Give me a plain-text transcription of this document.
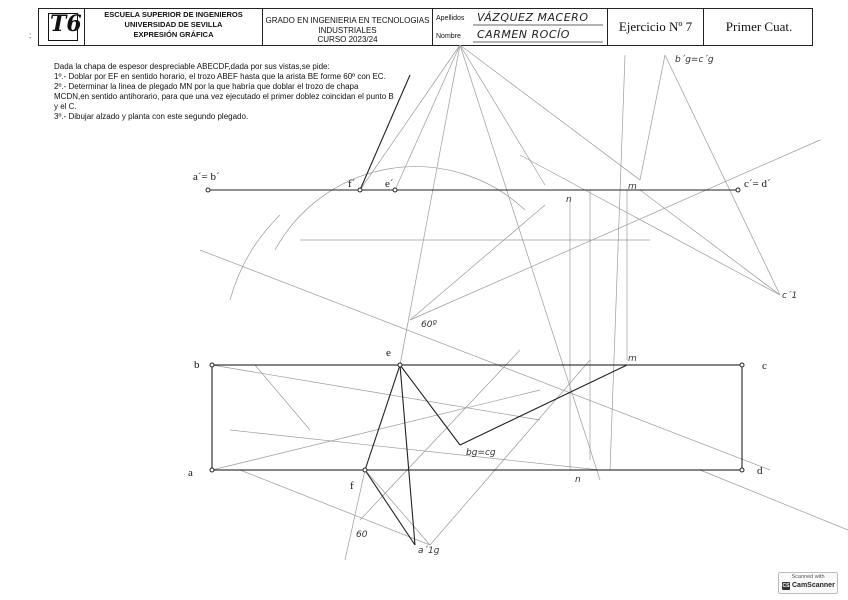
: T6	ESCUELA SUPERIOR DE INGENIEROS
UNIVERSIDAD DE SEVILLA
EXPRESIÓN GRÁFICA
GRADO EN INGENIERIA EN TECNOLOGIAS
INDUSTRIALES
CURSO 2023/24
Apellidos VÁZQUEZ MACERO
Nombre CARMEN ROCÍO
Ejercicio Nº 7	Primer Cuat.

Dada la chapa de espesor despreciable ABECDF,dada por sus vistas,se pide:

1º.- Doblar por EF en sentido horario, el trozo ABEF hasta que la arista BE forme 60º con EC.

2º.- Determinar la linea de plegado MN por la que habría que doblar el trozo de chapa MCDN,en sentido antihorario, para que una vez ejecutado el primer doblez coincidan el punto B y el C.

3º.- Dibujar alzado y planta con este segundo plegado.

a´= b´
f´	e´	m
n
c´= d´
b
e	m
c
a
f	n
d
60º
bg=cg
b´g=c´g
c´1
a´1g
60
Scanned with
CS CamScanner
